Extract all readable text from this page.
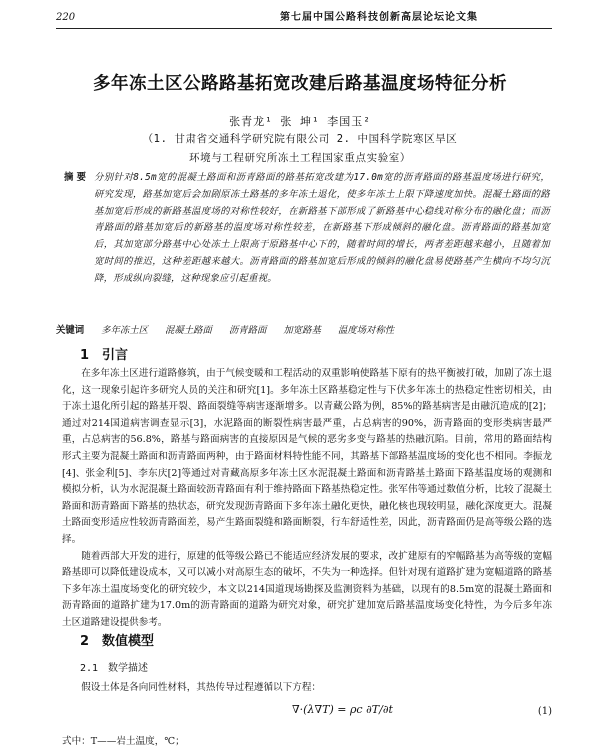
220	第七届中国公路科技创新高层论坛论文集
多年冻土区公路路基拓宽改建后路基温度场特征分析
张青龙¹ 张 坤¹ 李国玉²
（1. 甘肃省交通科学研究院有限公司 2. 中国科学院寒区旱区
环境与工程研究所冻土工程国家重点实验室）
摘 要 分别针对8.5m宽的混凝土路面和沥青路面的路基拓宽改建为17.0m宽的沥青路面的路基温度场进行研究，研究发现，路基加宽后会加剧原冻土路基的多年冻土退化，使多年冻土上限下降速度加快。混凝土路面的路基加宽后形成的新路基温度场的对称性较好，在新路基下部形成了新路基中心稳线对称分布的融化盘；而沥青路面的路基加宽后的新路基的温度场对称性较差，在新路基下形成倾斜的融化盘。沥青路面的路基加宽后，其加宽部分路基中心处冻土上限高于原路基中心下的，随着时间的增长，两者差距越来越小，且随着加宽时间的推迟，这种差距越来越大。沥青路面的路基加宽后形成的倾斜的融化盘易使路基产生横向不均匀沉降，形成纵向裂缝，这种现象应引起重视。
关键词 多年冻土区 混凝土路面 沥青路面 加宽路基 温度场对称性
1 引言

在多年冻土区进行道路修筑，由于气候变暖和工程活动的双重影响使路基下原有的热平衡被打破，加剧了冻土退化，这一现象引起许多研究人员的关注和研究[1]。多年冻土区路基稳定性与下伏多年冻土的热稳定性密切相关，由于冻土退化所引起的路基开裂、路面裂缝等病害逐渐增多。以青藏公路为例，85%的路基病害是由融沉造成的[2]；通过对214国道病害调查显示[3]，水泥路面的断裂性病害最严重，占总病害的90%，沥青路面的变形类病害最严重，占总病害的56.8%，路基与路面病害的直接原因是气候的恶劣多变与路基的热融沉陷。目前，常用的路面结构形式主要为混凝土路面和沥青路面两种，由于路面材料特性能不同，其路基下部路基温度场的变化也不相同。李振龙[4]、张金利[5]、李东庆[2]等通过对青藏高原多年冻土区水泥混凝土路面和沥青路基土路面下路基温度场的观测和模拟分析，认为水泥混凝土路面较沥青路面有利于维持路面下路基热稳定性。张军伟等通过数值分析，比较了混凝土路面和沥青路面下路基的热状态，研究发现沥青路面下多年冻土融化更快，融化核也现较明显，融化深度更大。混凝土路面变形适应性较沥青路面差，易产生路面裂缝和路面断裂，行车舒适性差，因此，沥青路面仍是高等级公路的选择。

随着西部大开发的进行，原建的低等级公路已不能适应经济发展的要求，改扩建原有的窄幅路基为高等级的宽幅路基即可以降低建设成本，又可以减小对高原生态的破坏，不失为一种选择。但针对现有道路扩建为宽幅道路的路基下多年冻土温度场变化的研究较少，本文以214国道现场勘探及监测资料为基础，以现有的8.5m宽的混凝土路面和沥青路面的道路扩建为17.0m的沥青路面的道路为研究对象，研究扩建加宽后路基温度场变化特性，为今后多年冻土区道路建设提供参考。

2 数值模型
2.1 数学描述

假设土体是各向同性材料，其热传导过程遵循以下方程：

∇·(λ∇T) = ρc ∂T/∂t	(1)
式中：T——岩土温度，℃；
